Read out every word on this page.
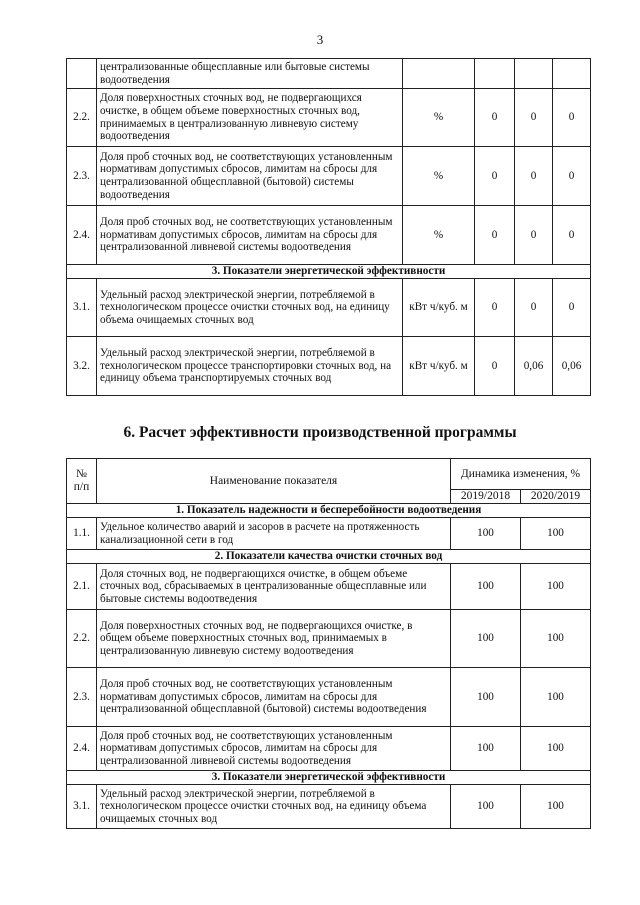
3
	централизованные общесплавные или бытовые системы водоотведения				
2.2.	Доля поверхностных сточных вод, не подвергающихся очистке, в общем объеме поверхностных сточных вод, принимаемых в централизованную ливневую систему водоотведения	%	0	0	0
2.3.	Доля проб сточных вод, не соответствующих установленным нормативам допустимых сбросов, лимитам на сбросы для централизованной общесплавной (бытовой) системы водоотведения	%	0	0	0
2.4.	Доля проб сточных вод, не соответствующих установленным нормативам допустимых сбросов, лимитам на сбросы для централизованной ливневой системы водоотведения	%	0	0	0
3. Показатели энергетической эффективности					
3.1.	Удельный расход электрической энергии, потребляемой в технологическом процессе очистки сточных вод, на единицу объема очищаемых сточных вод	кВт ч/куб. м	0	0	0
3.2.	Удельный расход электрической энергии, потребляемой в технологическом процессе транспортировки сточных вод, на единицу объема транспортируемых сточных вод	кВт ч/куб. м	0	0,06	0,06
6. Расчет эффективности производственной программы
№ п/п	Наименование показателя	Динамика изменения, %	
		2019/2018	2020/2019
1. Показатель надежности и бесперебойности водоотведения			
1.1.	Удельное количество аварий и засоров в расчете на протяженность канализационной сети в год	100	100
2. Показатели качества очистки сточных вод			
2.1.	Доля сточных вод, не подвергающихся очистке, в общем объеме сточных вод, сбрасываемых в централизованные общесплавные или бытовые системы водоотведения	100	100
2.2.	Доля поверхностных сточных вод, не подвергающихся очистке, в общем объеме поверхностных сточных вод, принимаемых в централизованную ливневую систему водоотведения	100	100
2.3.	Доля проб сточных вод, не соответствующих установленным нормативам допустимых сбросов, лимитам на сбросы для централизованной общесплавной (бытовой) системы водоотведения	100	100
2.4.	Доля проб сточных вод, не соответствующих установленным нормативам допустимых сбросов, лимитам на сбросы для централизованной ливневой системы водоотведения	100	100
3. Показатели энергетической эффективности			
3.1.	Удельный расход электрической энергии, потребляемой в технологическом процессе очистки сточных вод, на единицу объема очищаемых сточных вод	100	100
